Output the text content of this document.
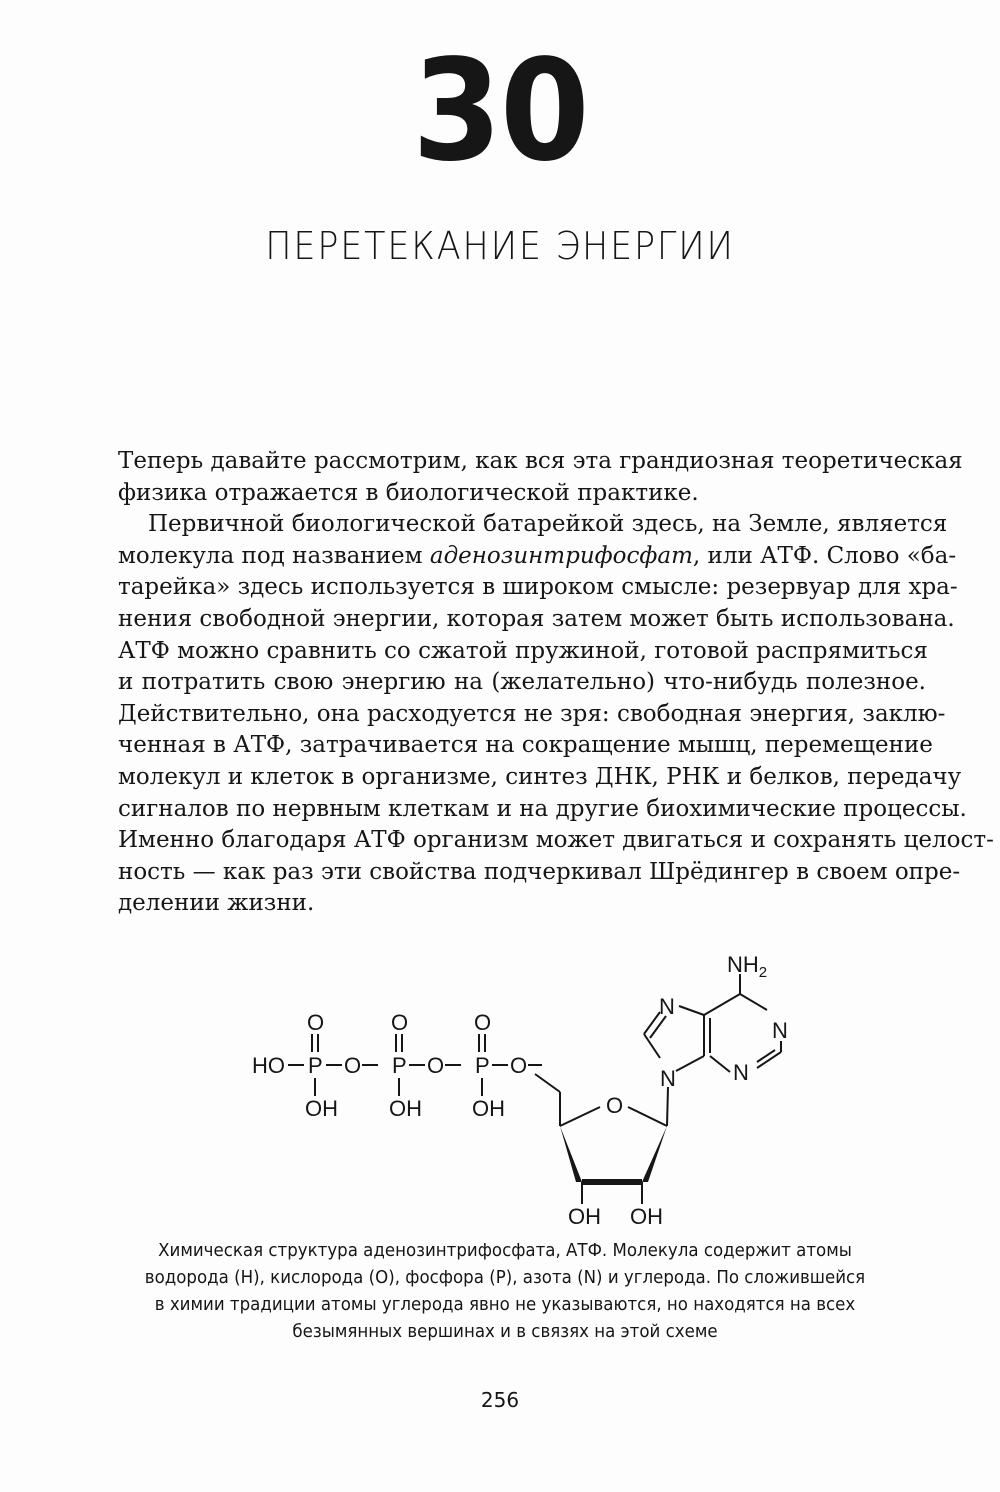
30
ПЕРЕТЕКАНИЕ ЭНЕРГИИ

Теперь давайте рассмотрим, как вся эта грандиозная теоретическая
физика отражается в биологической практике.

Первичной биологической батарейкой здесь, на Земле, является
молекула под названием аденозинтрифосфат, или АТФ. Слово «ба-
тарейка» здесь используется в широком смысле: резервуар для хра-
нения свободной энергии, которая затем может быть использована.
АТФ можно сравнить со сжатой пружиной, готовой распрямиться
и потратить свою энергию на (желательно) что-нибудь полезное.
Действительно, она расходуется не зря: свободная энергия, заклю-
ченная в АТФ, затрачивается на сокращение мышц, перемещение
молекул и клеток в организме, синтез ДНК, РНК и белков, передачу
сигналов по нервным клеткам и на другие биохимические процессы.
Именно благодаря АТФ организм может двигаться и сохранять целост-
ность — как раз эти свойства подчеркивал Шрёдингер в своем опре-
делении жизни.

HO P O P O P O
O	O	O
OH OH OH	O
OH OH
N
N
N
N
$NH_2$
Химическая структура аденозинтрифосфата, АТФ. Молекула содержит атомы
водорода (H), кислорода (O), фосфора (P), азота (N) и углерода. По сложившейся
в химии традиции атомы углерода явно не указываются, но находятся на всех
безымянных вершинах и в связях на этой схеме
256
